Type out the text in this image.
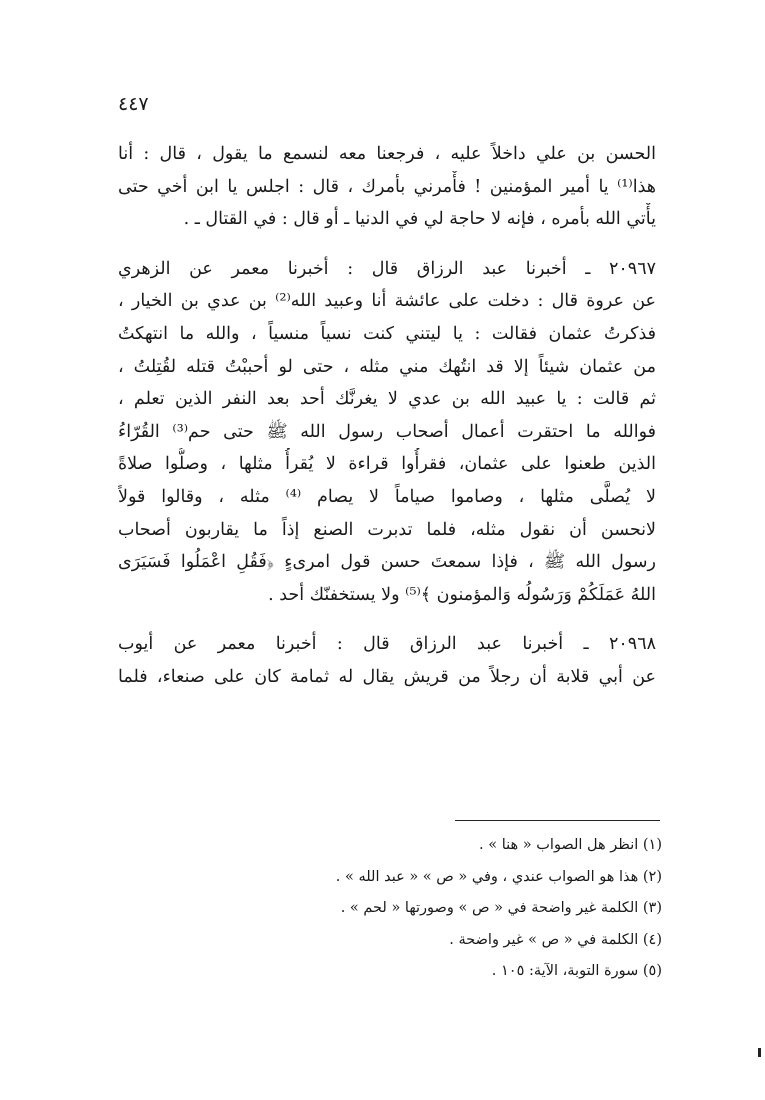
٤٤٧
الحسن بن علي داخلاً عليه ، فرجعنا معه لنسمع ما يقول ، قال : أنا
هذا⁽¹⁾ يا أمير المؤمنين ! فأْمرني بأمرك ، قال : اجلس يا ابن أخي حتى
يأْتي الله بأمره ، فإنه لا حاجة لي في الدنيا ـ أو قال : في القتال ـ .
٢٠٩٦٧ ـ أخبرنا عبد الرزاق قال : أخبرنا معمر عن الزهري
عن عروة قال : دخلت على عائشة أنا وعبيد الله⁽²⁾ بن عدي بن الخيار ،
فذكرتُ عثمان فقالت : يا ليتني كنت نسياً منسياً ، والله ما انتهكتُ
من عثمان شيئاً إلا قد انتُهك مني مثله ، حتى لو أحببْتُ قتله لقُتِلتُ ،
ثم قالت : يا عبيد الله بن عدي لا يغرنَّك أحد بعد النفر الذين تعلم ،
فوالله ما احتقرت أعمال أصحاب رسول الله ﷺ حتى حم⁽³⁾ القُرّاءُ
الذين طعنوا على عثمان، فقرأُوا قراءة لا يُقرأُ مثلها ، وصلُّوا صلاةً
لا يُصلَّى مثلها ، وصاموا صياماً لا يصام ⁽⁴⁾ مثله ، وقالوا قولاً
لانحسن أن نقول مثله، فلما تدبرت الصنع إذاً ما يقاربون أصحاب
رسول الله ﷺ ، فإذا سمعتَ حسن قول امرىءٍ ﴿فَقُلِ اعْمَلُوا فَسَيَرَى
اللهُ عَمَلَكُمْ وَرَسُولُه وَالمؤمنون ﴾⁽⁵⁾ ولا يستخفنّك أحد .
٢٠٩٦٨ ـ أخبرنا عبد الرزاق قال : أخبرنا معمر عن أيوب
عن أبي قلابة أن رجلاً من قريش يقال له ثمامة كان على صنعاء، فلما
(١) انظر هل الصواب « هنا » .
(٢) هذا هو الصواب عندي ، وفي « ص » « عبد الله » .
(٣) الكلمة غير واضحة في « ص » وصورتها « لحم » .
(٤) الكلمة في « ص » غير واضحة .
(٥) سورة التوبة، الآية: ١٠٥ .
